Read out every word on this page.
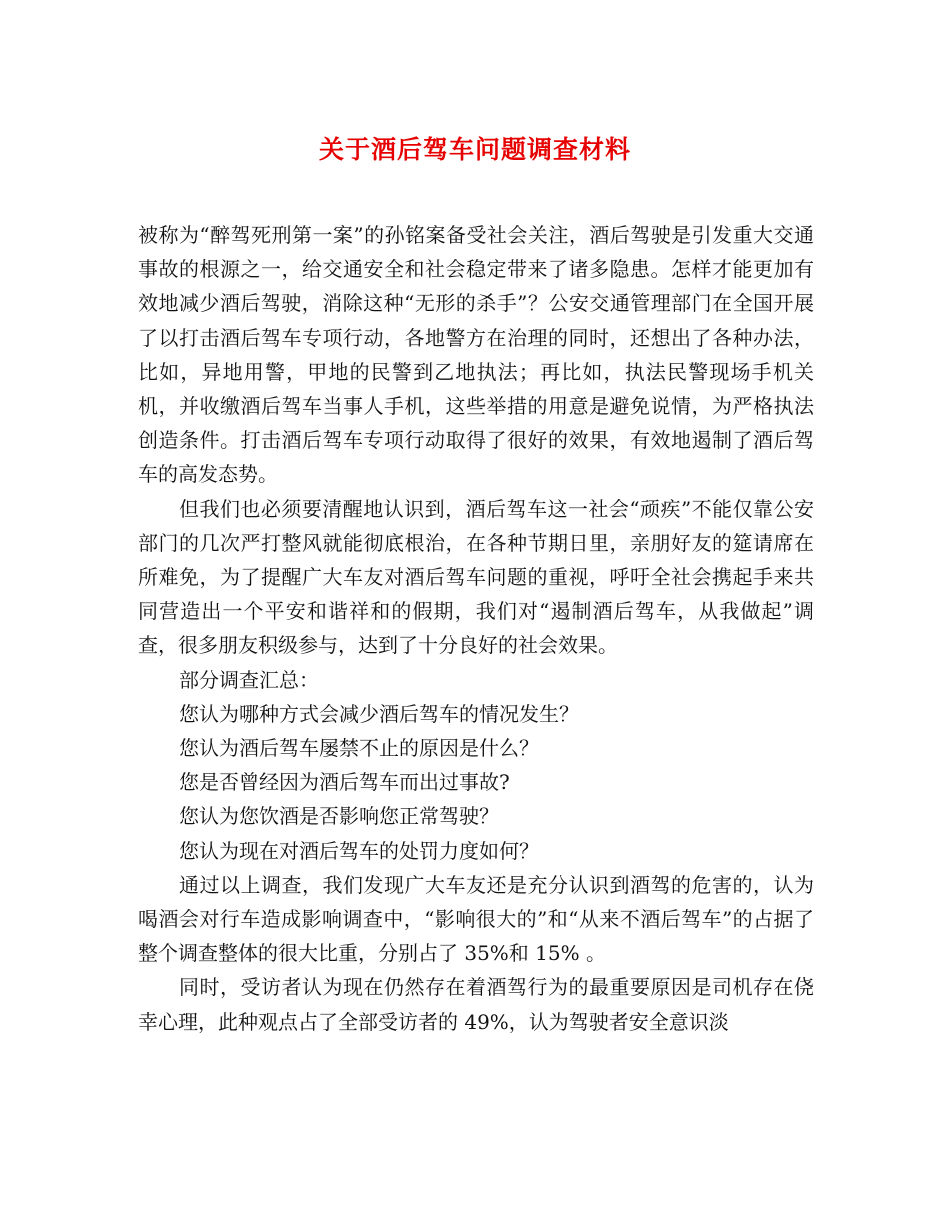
关于酒后驾车问题调查材料

被称为“醉驾死刑第一案”的孙铭案备受社会关注，酒后驾驶是引发重大交通事故的根源之一，给交通安全和社会稳定带来了诸多隐患。怎样才能更加有效地减少酒后驾驶，消除这种“无形的杀手”？公安交通管理部门在全国开展了以打击酒后驾车专项行动，各地警方在治理的同时，还想出了各种办法，比如，异地用警，甲地的民警到乙地执法；再比如，执法民警现场手机关机，并收缴酒后驾车当事人手机，这些举措的用意是避免说情，为严格执法创造条件。打击酒后驾车专项行动取得了很好的效果，有效地遏制了酒后驾车的高发态势。

但我们也必须要清醒地认识到，酒后驾车这一社会“顽疾”不能仅靠公安部门的几次严打整风就能彻底根治，在各种节期日里，亲朋好友的筵请席在所难免，为了提醒广大车友对酒后驾车问题的重视，呼吁全社会携起手来共同营造出一个平安和谐祥和的假期，我们对“遏制酒后驾车，从我做起”调查，很多朋友积级参与，达到了十分良好的社会效果。

部分调查汇总：

您认为哪种方式会减少酒后驾车的情况发生？

您认为酒后驾车屡禁不止的原因是什么？

您是否曾经因为酒后驾车而出过事故?

您认为您饮酒是否影响您正常驾驶？

您认为现在对酒后驾车的处罚力度如何？

通过以上调查，我们发现广大车友还是充分认识到酒驾的危害的，认为喝酒会对行车造成影响调查中，“影响很大的”和“从来不酒后驾车”的占据了整个调查整体的很大比重，分别占了 35%和 15% 。

同时，受访者认为现在仍然存在着酒驾行为的最重要原因是司机存在侥幸心理，此种观点占了全部受访者的 49%，认为驾驶者安全意识淡
